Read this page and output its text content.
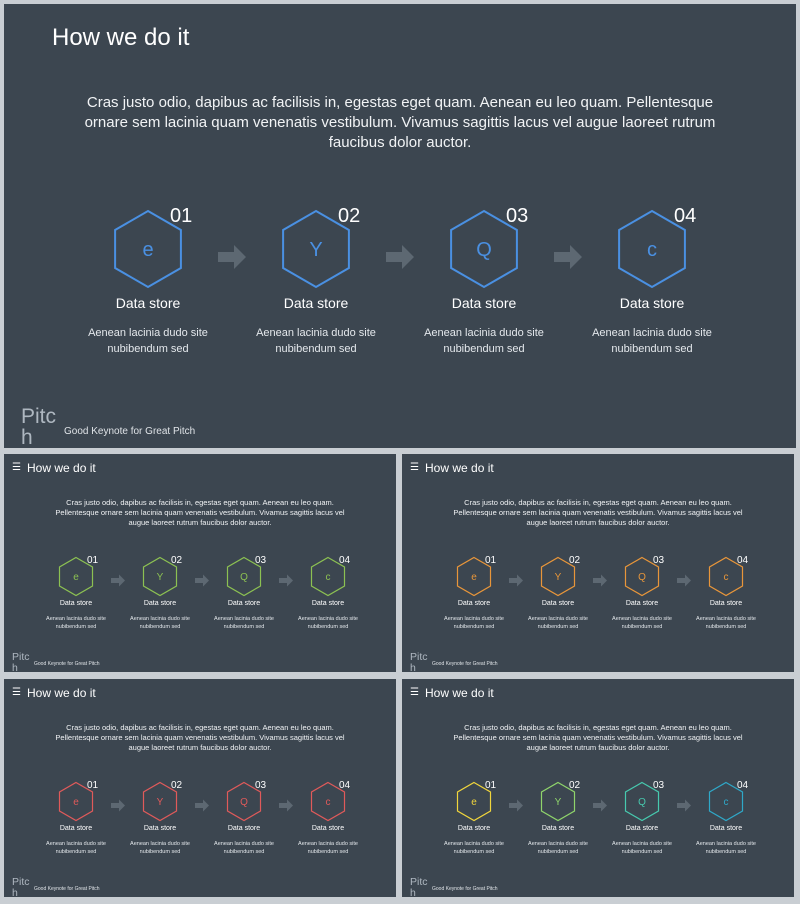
How we do it
Cras justo odio, dapibus ac facilisis in, egestas eget quam. Aenean eu leo quam. Pellentesque ornare sem lacinia quam venenatis vestibulum. Vivamus sagittis lacus vel augue laoreet rutrum faucibus dolor auctor.
e	Y	Q	c
01
Data store
Aenean lacinia dudo site nubibendum sed
02
Data store
Aenean lacinia dudo site nubibendum sed
03
Data store
Aenean lacinia dudo site nubibendum sed
04
Data store
Aenean lacinia dudo site nubibendum sed
Pitch	Good Keynote for Great Pitch
☰ How we do it
Cras justo odio, dapibus ac facilisis in, egestas eget quam. Aenean eu leo quam. Pellentesque ornare sem lacinia quam venenatis vestibulum. Vivamus sagittis lacus vel augue laoreet rutrum faucibus dolor auctor.
e	Y	Q	c
01
Data store
Aenean lacinia dudo site nubibendum sed
02
Data store
Aenean lacinia dudo site nubibendum sed
03
Data store
Aenean lacinia dudo site nubibendum sed
04
Data store
Aenean lacinia dudo site nubibendum sed
Pitch	Good Keynote for Great Pitch
☰ How we do it
Cras justo odio, dapibus ac facilisis in, egestas eget quam. Aenean eu leo quam. Pellentesque ornare sem lacinia quam venenatis vestibulum. Vivamus sagittis lacus vel augue laoreet rutrum faucibus dolor auctor.
e	Y	Q	c
01
Data store
Aenean lacinia dudo site nubibendum sed
02
Data store
Aenean lacinia dudo site nubibendum sed
03
Data store
Aenean lacinia dudo site nubibendum sed
04
Data store
Aenean lacinia dudo site nubibendum sed
Pitch	Good Keynote for Great Pitch
☰ How we do it
Cras justo odio, dapibus ac facilisis in, egestas eget quam. Aenean eu leo quam. Pellentesque ornare sem lacinia quam venenatis vestibulum. Vivamus sagittis lacus vel augue laoreet rutrum faucibus dolor auctor.
e	Y	Q	c
01
Data store
Aenean lacinia dudo site nubibendum sed
02
Data store
Aenean lacinia dudo site nubibendum sed
03
Data store
Aenean lacinia dudo site nubibendum sed
04
Data store
Aenean lacinia dudo site nubibendum sed
Pitch	Good Keynote for Great Pitch
☰ How we do it
Cras justo odio, dapibus ac facilisis in, egestas eget quam. Aenean eu leo quam. Pellentesque ornare sem lacinia quam venenatis vestibulum. Vivamus sagittis lacus vel augue laoreet rutrum faucibus dolor auctor.
e	Y	Q	c
01
Data store
Aenean lacinia dudo site nubibendum sed
02
Data store
Aenean lacinia dudo site nubibendum sed
03
Data store
Aenean lacinia dudo site nubibendum sed
04
Data store
Aenean lacinia dudo site nubibendum sed
Pitch	Good Keynote for Great Pitch
